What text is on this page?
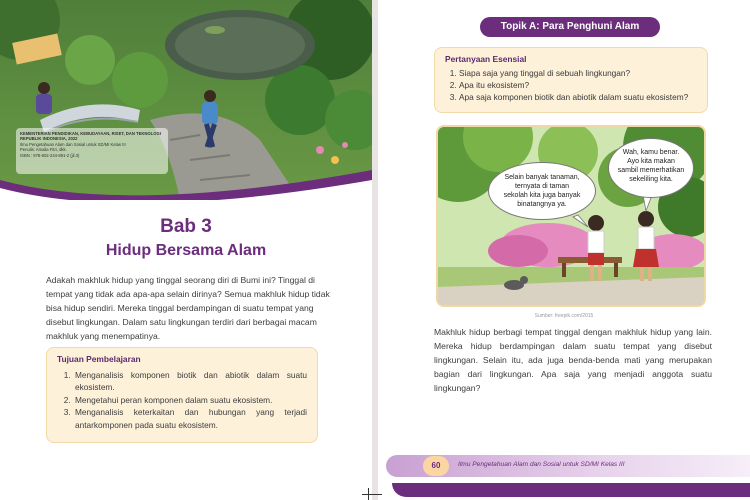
KEMENTERIAN PENDIDIKAN, KEBUDAYAAN, RISET, DAN TEKNOLOGI
REPUBLIK INDONESIA, 2022
Ilmu Pengetahuan Alam dan Sosial untuk SD/MI Kelas III
Penulis: Amalia Fitri, dkk.
ISBN : 978-602-244-891-2 (jil.3)
Bab 3
Hidup Bersama Alam
Adakah makhluk hidup yang tinggal seorang diri di Bumi ini? Tinggal di tempat yang tidak ada apa-apa selain dirinya? Semua makhluk hidup tidak bisa hidup sendiri. Mereka tinggal berdampingan di suatu tempat yang disebut lingkungan. Dalam satu lingkungan terdiri dari berbagai macam makhluk yang menempatinya.
Tujuan Pembelajaran
1. Menganalisis komponen biotik dan abiotik dalam suatu ekosistem.
2. Mengetahui peran komponen dalam suatu ekosistem.
3. Menganalisis keterkaitan dan hubungan yang terjadi antarkomponen pada suatu ekosistem.
Topik A: Para Penghuni Alam
Pertanyaan Esensial
1. Siapa saja yang tinggal di sebuah lingkungan?
2. Apa itu ekosistem?
3. Apa saja komponen biotik dan abiotik dalam suatu ekosistem?
Selain banyak tanaman,
ternyata di taman
sekolah kita juga banyak
binatangnya ya.
Wah, kamu benar.
Ayo kita makan
sambil memerhatikan
sekeliling kita.
Sumber: freepik.com/2015
Makhluk hidup berbagi tempat tinggal dengan makhluk hidup yang lain. Mereka hidup berdampingan dalam suatu tempat yang disebut lingkungan. Selain itu, ada juga benda-benda mati yang merupakan bagian dari lingkungan. Apa saja yang menjadi anggota suatu lingkungan?
60	Ilmu Pengetahuan Alam dan Sosial untuk SD/MI Kelas III
